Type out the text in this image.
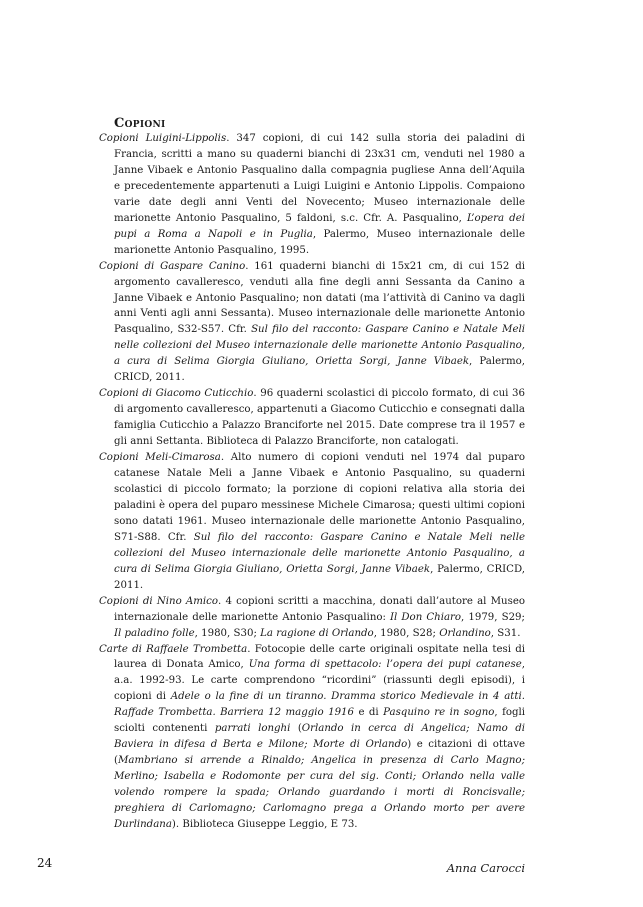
Copioni

Copioni Luigini-Lippolis. 347 copioni, di cui 142 sulla storia dei paladini di Francia, scritti a mano su quaderni bianchi di 23x31 cm, venduti nel 1980 a Janne Vibaek e Antonio Pasqualino dalla compagnia pugliese Anna dell’Aquila e precedentemente appartenuti a Luigi Luigini e Antonio Lippolis. Compaiono varie date degli anni Venti del Novecento; Museo internazionale delle marionette Antonio Pasqualino, 5 faldoni, s.c. Cfr. A. Pasqualino, L’opera dei pupi a Roma a Napoli e in Puglia, Palermo, Museo internazionale delle marionette Antonio Pasqualino, 1995.

Copioni di Gaspare Canino. 161 quaderni bianchi di 15x21 cm, di cui 152 di argomento cavalleresco, venduti alla fine degli anni Sessanta da Canino a Janne Vibaek e Antonio Pasqualino; non datati (ma l’attività di Canino va dagli anni Venti agli anni Sessanta). Museo internazionale delle marionette Antonio Pasqualino, S32-S57. Cfr. Sul filo del racconto: Gaspare Canino e Natale Meli nelle collezioni del Museo internazionale delle marionette Antonio Pasqualino, a cura di Selima Giorgia Giuliano, Orietta Sorgi, Janne Vibaek, Palermo, CRICD, 2011.

Copioni di Giacomo Cuticchio. 96 quaderni scolastici di piccolo formato, di cui 36 di argomento cavalleresco, appartenuti a Giacomo Cuticchio e consegnati dalla famiglia Cuticchio a Palazzo Branciforte nel 2015. Date comprese tra il 1957 e gli anni Settanta. Biblioteca di Palazzo Branciforte, non catalogati.

Copioni Meli-Cimarosa. Alto numero di copioni venduti nel 1974 dal puparo catanese Natale Meli a Janne Vibaek e Antonio Pasqualino, su quaderni scolastici di piccolo formato; la porzione di copioni relativa alla storia dei paladini è opera del puparo messinese Michele Cimarosa; questi ultimi copioni sono datati 1961. Museo internazionale delle marionette Antonio Pasqualino, S71-S88. Cfr. Sul filo del racconto: Gaspare Canino e Natale Meli nelle collezioni del Museo internazionale delle marionette Antonio Pasqualino, a cura di Selima Giorgia Giuliano, Orietta Sorgi, Janne Vibaek, Palermo, CRICD, 2011.

Copioni di Nino Amico. 4 copioni scritti a macchina, donati dall’autore al Museo internazionale delle marionette Antonio Pasqualino: Il Don Chiaro, 1979, S29; Il paladino folle, 1980, S30; La ragione di Orlando, 1980, S28; Orlandino, S31.

Carte di Raffaele Trombetta. Fotocopie delle carte originali ospitate nella tesi di laurea di Donata Amico, Una forma di spettacolo: l’opera dei pupi catanese, a.a. 1992-93. Le carte comprendono “ricordini” (riassunti degli episodi), i copioni di Adele o la fine di un tiranno. Dramma storico Medievale in 4 atti. Raffade Trombetta. Barriera 12 maggio 1916 e di Pasquino re in sogno, fogli sciolti contenenti parrati longhi (Orlando in cerca di Angelica; Namo di Baviera in difesa d Berta e Milone; Morte di Orlando) e citazioni di ottave (Mambriano si arrende a Rinaldo; Angelica in presenza di Carlo Magno; Merlino; Isabella e Rodomonte per cura del sig. Conti; Orlando nella valle volendo rompere la spada; Orlando guardando i morti di Roncisvalle; preghiera di Carlomagno; Carlomagno prega a Orlando morto per avere Durlindana). Biblioteca Giuseppe Leggio, E 73.

24	Anna Carocci
